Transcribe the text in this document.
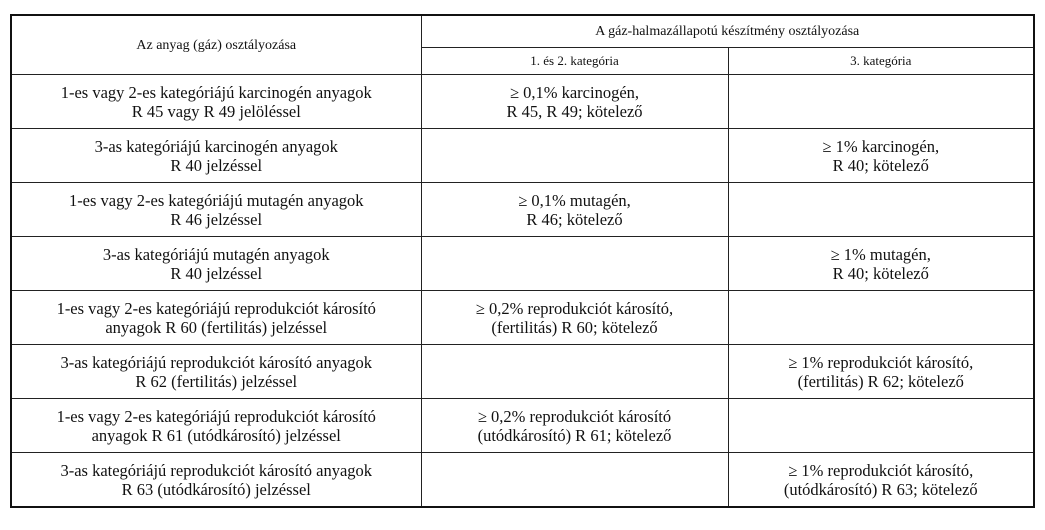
Az anyag (gáz) osztályozása	A gáz-halmazállapotú készítmény osztályozása	
	1. és 2. kategória	3. kategória

1-es vagy 2-es kategóriájú karcinogén anyagok
R 45 vagy R 49 jelöléssel	≥ 0,1% karcinogén,
R 45, R 49; kötelező	

3-as kategóriájú karcinogén anyagok
R 40 jelzéssel		≥ 1% karcinogén,
R 40; kötelező

1-es vagy 2-es kategóriájú mutagén anyagok
R 46 jelzéssel	≥ 0,1% mutagén,
R 46; kötelező	

3-as kategóriájú mutagén anyagok
R 40 jelzéssel		≥ 1% mutagén,
R 40; kötelező

1-es vagy 2-es kategóriájú reprodukciót károsító
anyagok R 60 (fertilitás) jelzéssel	≥ 0,2% reprodukciót károsító,
(fertilitás) R 60; kötelező	

3-as kategóriájú reprodukciót károsító anyagok
R 62 (fertilitás) jelzéssel		≥ 1% reprodukciót károsító,
(fertilitás) R 62; kötelező

1-es vagy 2-es kategóriájú reprodukciót károsító
anyagok R 61 (utódkárosító) jelzéssel	≥ 0,2% reprodukciót károsító
(utódkárosító) R 61; kötelező	

3-as kategóriájú reprodukciót károsító anyagok
R 63 (utódkárosító) jelzéssel		≥ 1% reprodukciót károsító,
(utódkárosító) R 63; kötelező
